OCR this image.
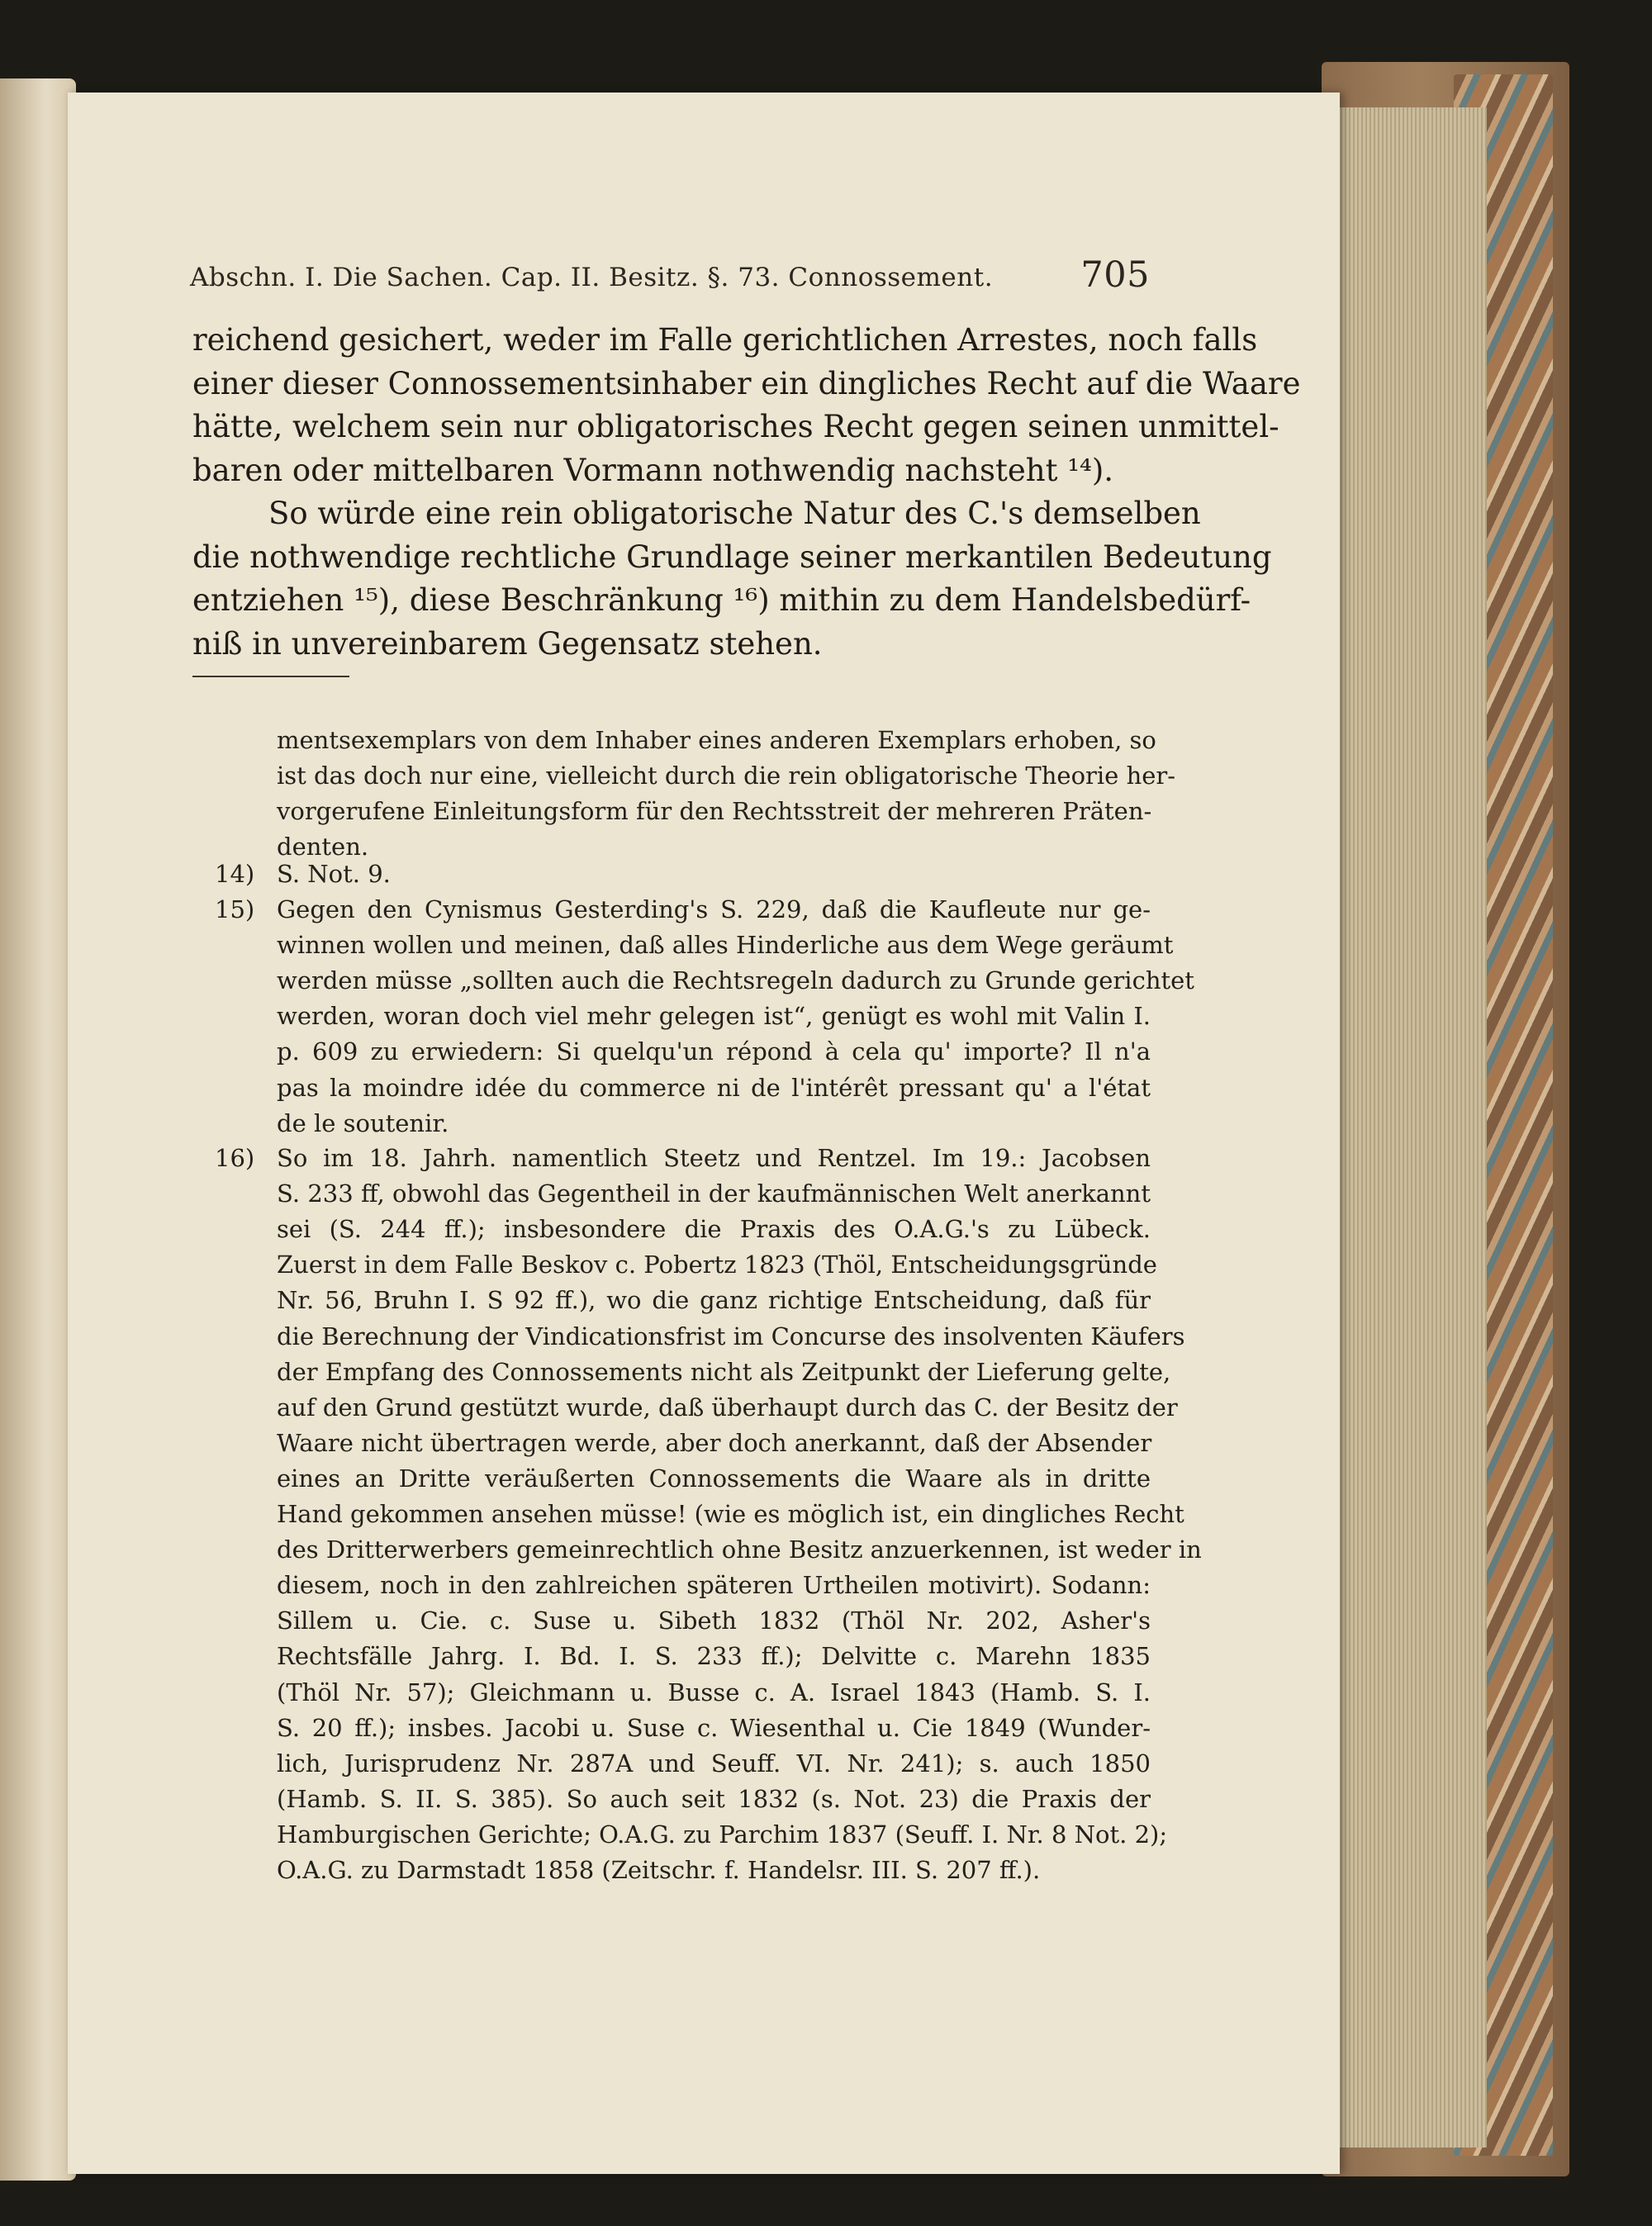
Abschn. I. Die Sachen. Cap. II. Besitz. §. 73. Connossement. 705
reichend gesichert, weder im Falle gerichtlichen Arrestes, noch falls
einer dieser Connossementsinhaber ein dingliches Recht auf die Waare
hätte, welchem sein nur obligatorisches Recht gegen seinen unmittel-
baren oder mittelbaren Vormann nothwendig nachsteht ¹⁴).
So würde eine rein obligatorische Natur des C.'s demselben
die nothwendige rechtliche Grundlage seiner merkantilen Bedeutung
entziehen ¹⁵), diese Beschränkung ¹⁶) mithin zu dem Handelsbedürf-
niß in unvereinbarem Gegensatz stehen.
mentsexemplars von dem Inhaber eines anderen Exemplars erhoben, so
ist das doch nur eine, vielleicht durch die rein obligatorische Theorie her-
vorgerufene Einleitungsform für den Rechtsstreit der mehreren Präten-
denten.
14) S. Not. 9.
15) Gegen den Cynismus Gesterding's S. 229, daß die Kaufleute nur ge-
winnen wollen und meinen, daß alles Hinderliche aus dem Wege geräumt
werden müsse „sollten auch die Rechtsregeln dadurch zu Grunde gerichtet
werden, woran doch viel mehr gelegen ist“, genügt es wohl mit Valin I.
p. 609 zu erwiedern: Si quelqu'un répond à cela qu' importe? Il n'a
pas la moindre idée du commerce ni de l'intérêt pressant qu' a l'état
de le soutenir.
16) So im 18. Jahrh. namentlich Steetz und Rentzel. Im 19.: Jacobsen
S. 233 ff, obwohl das Gegentheil in der kaufmännischen Welt anerkannt
sei (S. 244 ff.); insbesondere die Praxis des O.A.G.'s zu Lübeck.
Zuerst in dem Falle Beskov c. Pobertz 1823 (Thöl, Entscheidungsgründe
Nr. 56, Bruhn I. S 92 ff.), wo die ganz richtige Entscheidung, daß für
die Berechnung der Vindicationsfrist im Concurse des insolventen Käufers
der Empfang des Connossements nicht als Zeitpunkt der Lieferung gelte,
auf den Grund gestützt wurde, daß überhaupt durch das C. der Besitz der
Waare nicht übertragen werde, aber doch anerkannt, daß der Absender
eines an Dritte veräußerten Connossements die Waare als in dritte
Hand gekommen ansehen müsse! (wie es möglich ist, ein dingliches Recht
des Dritterwerbers gemeinrechtlich ohne Besitz anzuerkennen, ist weder in
diesem, noch in den zahlreichen späteren Urtheilen motivirt). Sodann:
Sillem u. Cie. c. Suse u. Sibeth 1832 (Thöl Nr. 202, Asher's
Rechtsfälle Jahrg. I. Bd. I. S. 233 ff.); Delvitte c. Marehn 1835
(Thöl Nr. 57); Gleichmann u. Busse c. A. Israel 1843 (Hamb. S. I.
S. 20 ff.); insbes. Jacobi u. Suse c. Wiesenthal u. Cie 1849 (Wunder-
lich, Jurisprudenz Nr. 287A und Seuff. VI. Nr. 241); s. auch 1850
(Hamb. S. II. S. 385). So auch seit 1832 (s. Not. 23) die Praxis der
Hamburgischen Gerichte; O.A.G. zu Parchim 1837 (Seuff. I. Nr. 8 Not. 2);
O.A.G. zu Darmstadt 1858 (Zeitschr. f. Handelsr. III. S. 207 ff.).
